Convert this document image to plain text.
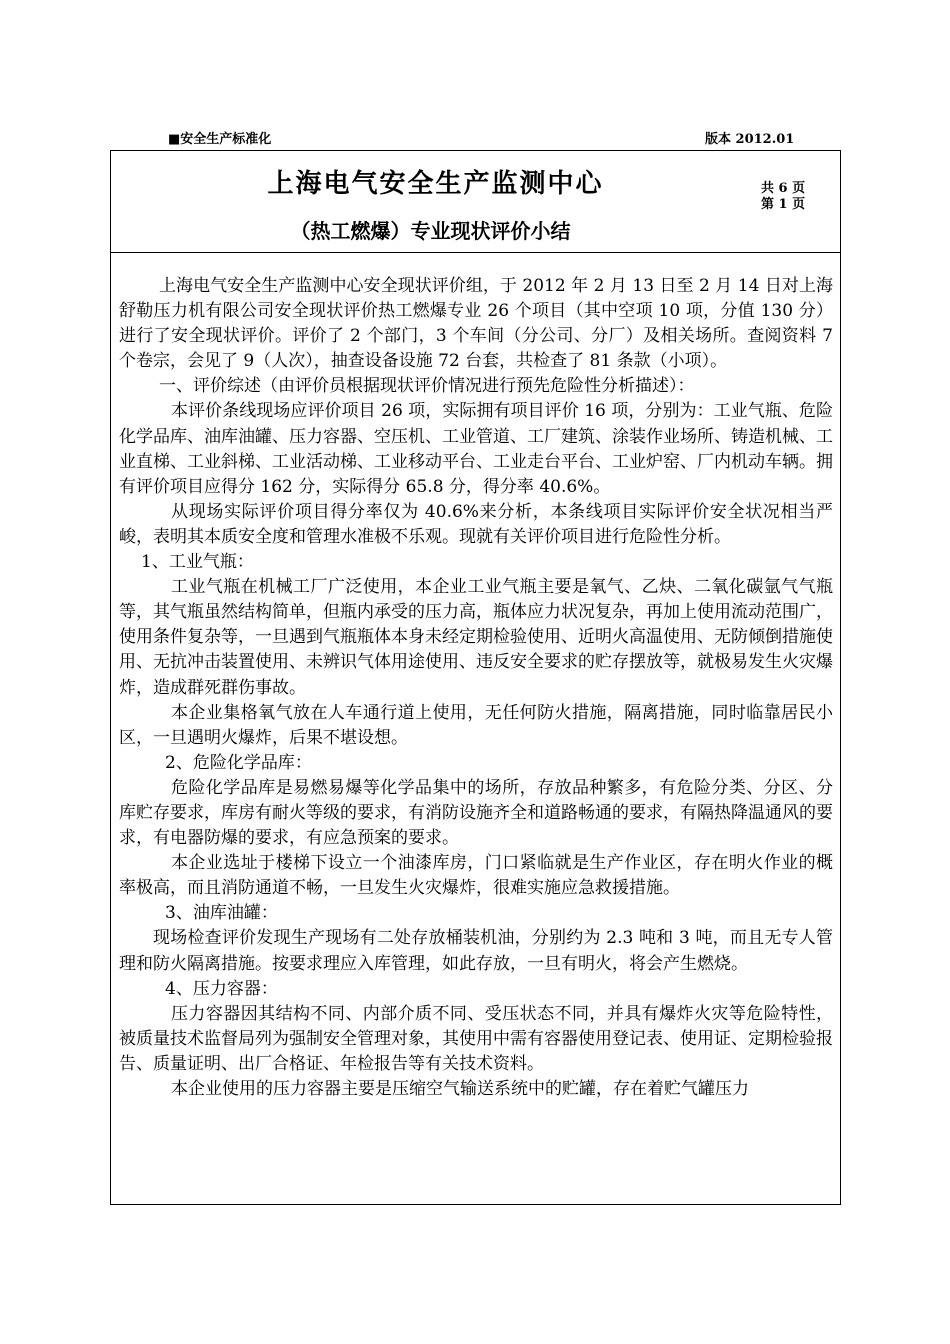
■安全生产标准化	版本 2012.01
上海电气安全生产监测中心
（热工燃爆）专业现状评价小结
共 6 页
第 1 页

上海电气安全生产监测中心安全现状评价组，于 2012 年 2 月 13 日至 2 月 14 日对上海舒勒压力机有限公司安全现状评价热工燃爆专业 26 个项目（其中空项 10 项，分值 130 分）进行了安全现状评价。评价了 2 个部门，3 个车间（分公司、分厂）及相关场所。查阅资料 7 个卷宗，会见了 9（人次），抽查设备设施 72 台套，共检查了 81 条款（小项）。

一、评价综述（由评价员根据现状评价情况进行预先危险性分析描述）：

本评价条线现场应评价项目 26 项，实际拥有项目评价 16 项，分别为：工业气瓶、危险化学品库、油库油罐、压力容器、空压机、工业管道、工厂建筑、涂装作业场所、铸造机械、工业直梯、工业斜梯、工业活动梯、工业移动平台、工业走台平台、工业炉窑、厂内机动车辆。拥有评价项目应得分 162 分，实际得分 65.8 分，得分率 40.6%。

从现场实际评价项目得分率仅为 40.6%来分析，本条线项目实际评价安全状况相当严峻，表明其本质安全度和管理水准极不乐观。现就有关评价项目进行危险性分析。

1、工业气瓶：

工业气瓶在机械工厂广泛使用，本企业工业气瓶主要是氧气、乙炔、二氧化碳氩气气瓶等，其气瓶虽然结构简单，但瓶内承受的压力高，瓶体应力状况复杂，再加上使用流动范围广，使用条件复杂等，一旦遇到气瓶瓶体本身未经定期检验使用、近明火高温使用、无防倾倒措施使用、无抗冲击装置使用、未辨识气体用途使用、违反安全要求的贮存摆放等，就极易发生火灾爆炸，造成群死群伤事故。

本企业集格氧气放在人车通行道上使用，无任何防火措施，隔离措施，同时临靠居民小区，一旦遇明火爆炸，后果不堪设想。

2、危险化学品库：

危险化学品库是易燃易爆等化学品集中的场所，存放品种繁多，有危险分类、分区、分库贮存要求，库房有耐火等级的要求，有消防设施齐全和道路畅通的要求，有隔热降温通风的要求，有电器防爆的要求，有应急预案的要求。

本企业选址于楼梯下设立一个油漆库房，门口紧临就是生产作业区，存在明火作业的概率极高，而且消防通道不畅，一旦发生火灾爆炸，很难实施应急救援措施。

3、油库油罐：

现场检查评价发现生产现场有二处存放桶装机油，分别约为 2.3 吨和 3 吨，而且无专人管理和防火隔离措施。按要求理应入库管理，如此存放，一旦有明火，将会产生燃烧。

4、压力容器：

压力容器因其结构不同、内部介质不同、受压状态不同，并具有爆炸火灾等危险特性，被质量技术监督局列为强制安全管理对象，其使用中需有容器使用登记表、使用证、定期检验报告、质量证明、出厂合格证、年检报告等有关技术资料。

本企业使用的压力容器主要是压缩空气输送系统中的贮罐，存在着贮气罐压力
